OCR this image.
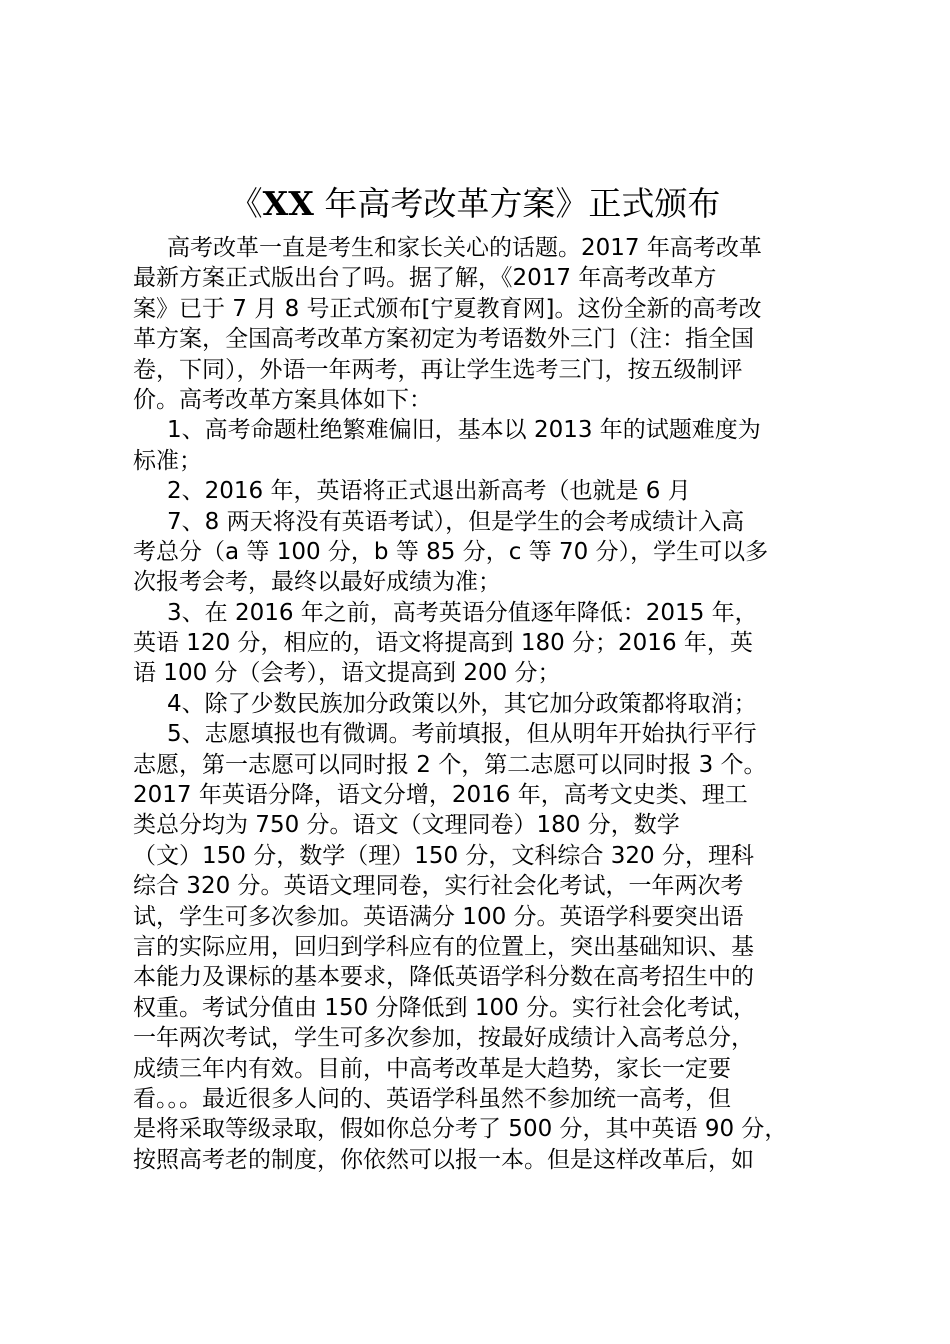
《XX 年高考改革方案》正式颁布
高考改革一直是考生和家长关心的话题。2017 年高考改革
最新方案正式版出台了吗。据了解，《2017 年高考改革方
案》已于 7 月 8 号正式颁布[宁夏教育网]。这份全新的高考改
革方案，全国高考改革方案初定为考语数外三门（注：指全国
卷，下同），外语一年两考，再让学生选考三门，按五级制评
价。高考改革方案具体如下：
1、高考命题杜绝繁难偏旧，基本以 2013 年的试题难度为
标准；
2、2016 年，英语将正式退出新高考（也就是 6 月
7、8 两天将没有英语考试），但是学生的会考成绩计入高
考总分（a 等 100 分，b 等 85 分，c 等 70 分），学生可以多
次报考会考，最终以最好成绩为准；
3、在 2016 年之前，高考英语分值逐年降低：2015 年，
英语 120 分，相应的，语文将提高到 180 分；2016 年，英
语 100 分（会考），语文提高到 200 分；
4、除了少数民族加分政策以外，其它加分政策都将取消；
5、志愿填报也有微调。考前填报，但从明年开始执行平行
志愿，第一志愿可以同时报 2 个，第二志愿可以同时报 3 个。
2017 年英语分降，语文分增，2016 年，高考文史类、理工
类总分均为 750 分。语文（文理同卷）180 分，数学
（文）150 分，数学（理）150 分，文科综合 320 分，理科
综合 320 分。英语文理同卷，实行社会化考试，一年两次考
试，学生可多次参加。英语满分 100 分。英语学科要突出语
言的实际应用，回归到学科应有的位置上，突出基础知识、基
本能力及课标的基本要求，降低英语学科分数在高考招生中的
权重。考试分值由 150 分降低到 100 分。实行社会化考试，
一年两次考试，学生可多次参加，按最好成绩计入高考总分，
成绩三年内有效。目前，中高考改革是大趋势，家长一定要
看。。。最近很多人问的、英语学科虽然不参加统一高考，但
是将采取等级录取，假如你总分考了 500 分，其中英语 90 分，
按照高考老的制度，你依然可以报一本。但是这样改革后，如
